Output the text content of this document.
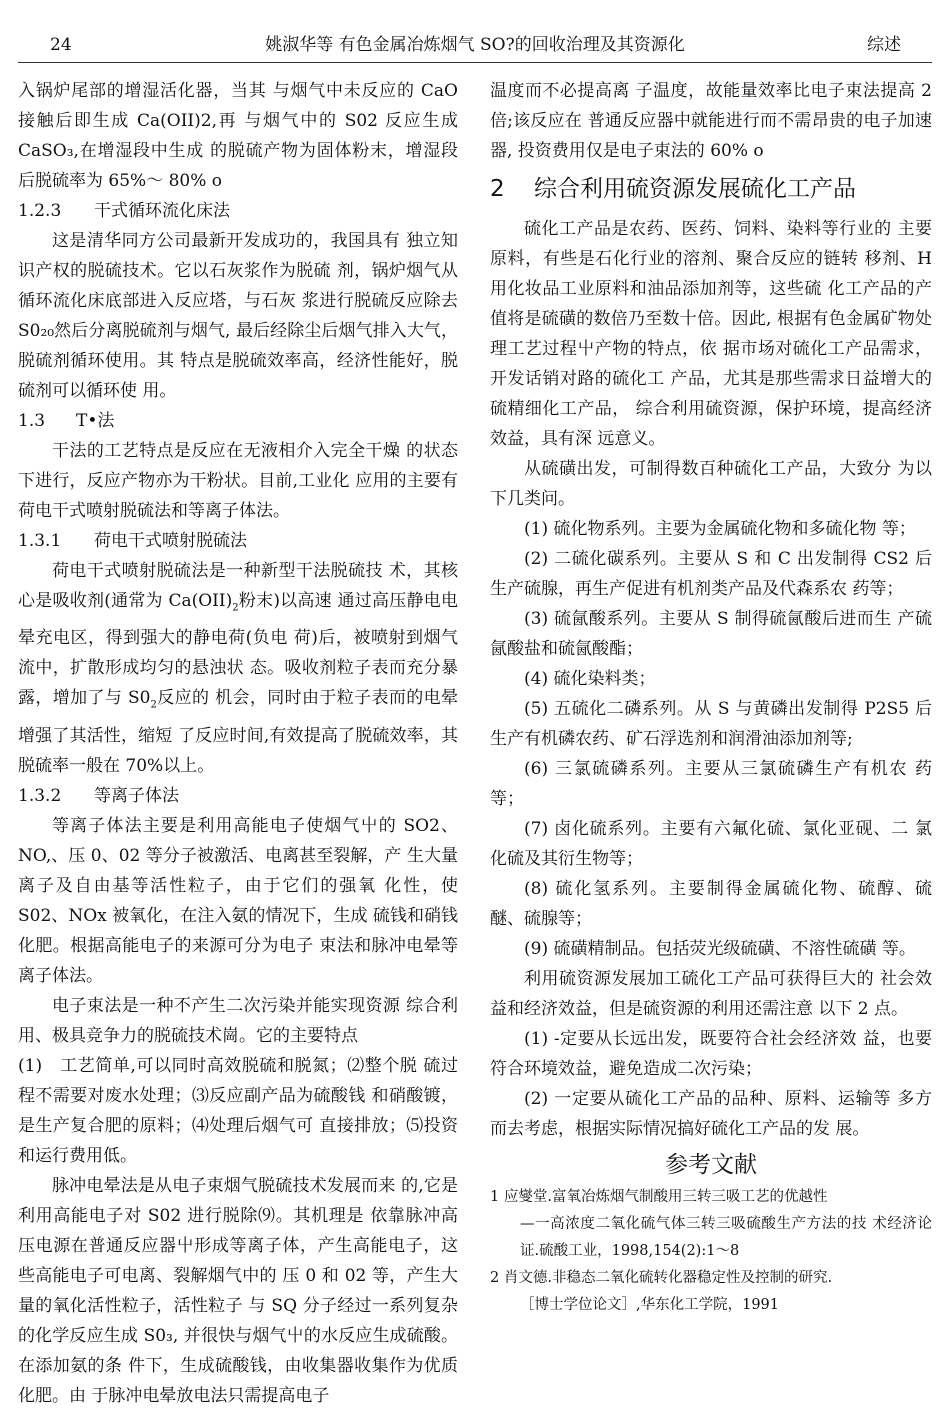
24	姚淑华等 有色金属冶炼烟气 SO?的回收治理及其资源化	综述

入锅炉尾部的增湿活化器，当其 与烟气中未反应的 CaO 接触后即生成 Ca(OII)2,再 与烟气中的 S02 反应生成 CaSO₃,在增湿段中生成 的脱硫产物为固体粉末，增湿段后脱硫率为 65%〜 80% o

1.2.3 干式循环流化床法

这是清华同方公司最新开发成功的，我国具有 独立知识产权的脱硫技术。它以石灰浆作为脱硫 剂，锅炉烟气从循环流化床底部进入反应塔，与石灰 浆进行脱硫反应除去 S0₂₀然后分离脱硫剂与烟气, 最后经除尘后烟气排入大气，脱硫剂循环使用。其 特点是脱硫效率高，经济性能好，脱硫剂可以循环使 用。

1.3 T•法

干法的工艺特点是反应在无液相介入完全干燥 的状态下进行，反应产物亦为干粉状。目前,工业化 应用的主要有荷电干式喷射脱硫法和等离子体法。

1.3.1 荷电干式喷射脱硫法

荷电干式喷射脱硫法是一种新型干法脱硫技 术，其核心是吸收剂(通常为 $Ca(OII)_2$粉末)以高速 通过高压静电电晕充电区，得到强大的静电荷(负电 荷)后，被喷射到烟气流中，扩散形成均匀的悬浊状 态。吸收剂粒子表而充分暴露，增加了与 $S0_2$反应的 机会，同时由于粒子表而的电晕增强了其活性，缩短 了反应时间,有效提高了脱硫效率，其脱硫率一般在 70%以上。

1.3.2 等离子体法

等离子体法主要是利用高能电子使烟气屮的 SO2、NO,、压 0、02 等分子被激活、电离甚至裂解，产 生大量离子及自由基等活性粒子，由于它们的强氧 化性，使 S02、NOx 被氧化，在注入氨的情况下，生成 硫钱和硝钱化肥。根据高能电子的来源可分为电子 束法和脉冲电晕等离子体法。

电子束法是一种不产生二次污染并能实现资源 综合利用、极具竞争力的脱硫技术崗。它的主要特点

(1)　工艺简单,可以同时高效脱硫和脱氮；⑵整个脱 硫过程不需要对废水处理；⑶反应副产品为硫酸钱 和硝酸镀，是生产复合肥的原料；⑷处理后烟气可 直接排放；⑸投资和运行费用低。

脉冲电晕法是从电子束烟气脱硫技术发展而来 的,它是利用高能电子对 S02 进行脱除⑼。其机理是 依靠脉冲高压电源在普通反应器屮形成等离子体，产生高能电子，这些高能电子可电离、裂解烟气中的 压 0 和 02 等，产生大量的氧化活性粒子，活性粒子 与 SQ 分子经过一系列复杂的化学反应生成 S0₃, 并很快与烟气屮的水反应生成硫酸。在添加氨的条 件下，生成硫酸钱，由收集器收集作为优质化肥。由 于脉冲电晕放电法只需提高电子

温度而不必提高离 子温度，故能量效率比电子束法提高 2 倍;该反应在 普通反应器中就能进行而不需昂贵的电子加速器, 投资费用仅是电子束法的 60% o

2 综合利用硫资源发展硫化工产品

硫化工产品是农药、医药、饲料、染料等行业的 主要原料，有些是石化行业的溶剂、聚合反应的链转 移剂、H 用化妆品工业原料和油品添加剂等，这些硫 化工产品的产值将是硫磺的数倍乃至数十倍。因此, 根据有色金属矿物处理工艺过程屮产物的特点，依 据市场对硫化工产品需求，开发话销对路的硫化工 产品，尤其是那些需求日益增大的硫精细化工产品， 综合利用硫资源，保护环境，提高经济效益，具有深 远意义。

从硫磺出发，可制得数百种硫化工产品，大致分 为以下几类问。

(1) 硫化物系列。主要为金属硫化物和多硫化物 等；

(2) 二硫化碳系列。主要从 S 和 C 出发制得 CS2 后生产硫腺，再生产促进有机剂类产品及代森系农 药等；

(3) 硫氤酸系列。主要从 S 制得硫氤酸后进而生 产硫氤酸盐和硫氤酸酯；

(4) 硫化染料类；

(5) 五硫化二磷系列。从 S 与黄磷出发制得 P2S5 后生产有机磷农药、矿石浮选剂和润滑油添加剂等;

(6) 三氯硫磷系列。主要从三氯硫磷生产有机农 药等；

(7) 卤化硫系列。主要有六氟化硫、氯化亚砚、二 氯化硫及其衍生物等；

(8) 硫化氢系列。主要制得金属硫化物、硫醇、硫 醚、硫腺等；

(9) 硫磺精制品。包括荧光级硫磺、不溶性硫磺 等。

利用硫资源发展加工硫化工产品可获得巨大的 社会效益和经济效益，但是硫资源的利用还需注意 以下 2 点。

(1) -定要从长远出发，既要符合社会经济效 益，也要符合环境效益，避免造成二次污染；

(2) 一定要从硫化工产品的品种、原料、运输等 多方而去考虑，根据实际情况搞好硫化工产品的发 展。

参考文献

1 应燮堂.富氧冶炼烟气制酸用三转三吸工艺的优越性

—一高浓度二氧化硫气体三转三吸硫酸生产方法的技 术经济论证.硫酸工业，1998,154(2):1〜8

2 肖文德.非稳态二氧化硫转化器稳定性及控制的研究.

［博士学位论文］,华东化工学院，1991
